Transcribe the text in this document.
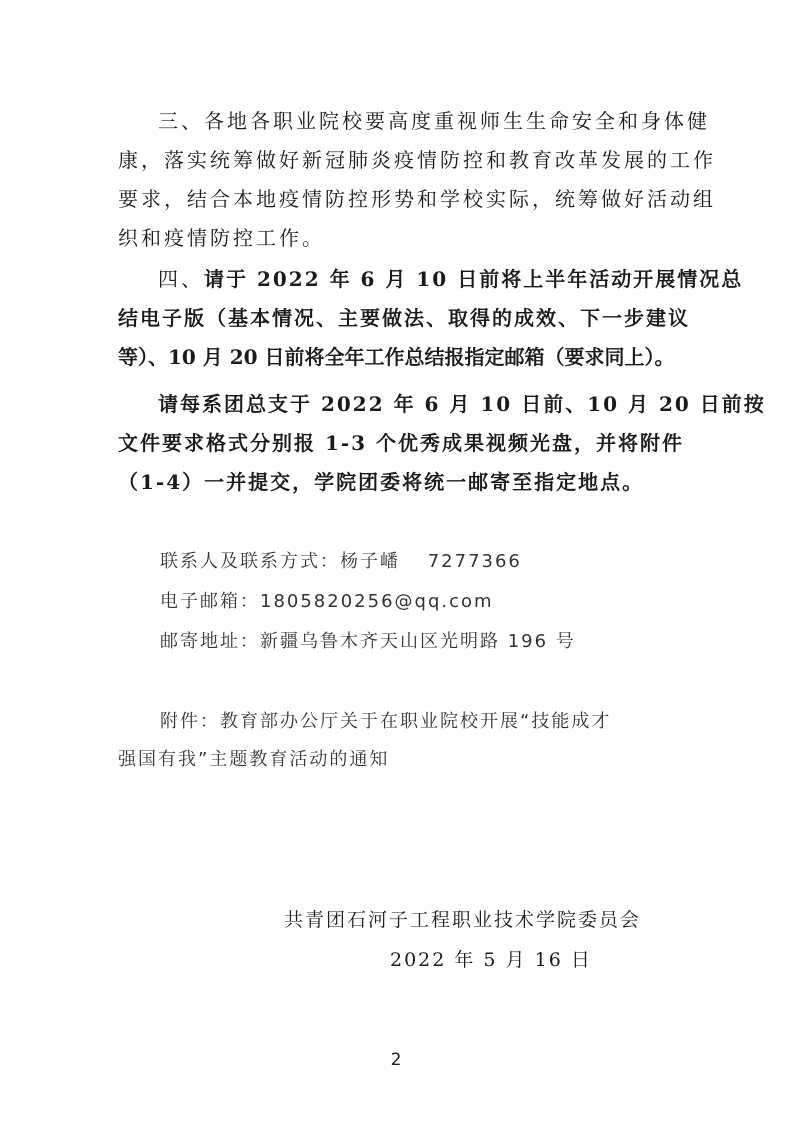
三、各地各职业院校要高度重视师生生命安全和身体健
康，落实统筹做好新冠肺炎疫情防控和教育改革发展的工作
要求，结合本地疫情防控形势和学校实际，统筹做好活动组
织和疫情防控工作。
四、请于 2022 年 6 月 10 日前将上半年活动开展情况总
结电子版（基本情况、主要做法、取得的成效、下一步建议
等）、10 月 20 日前将全年工作总结报指定邮箱（要求同上）。
请每系团总支于 2022 年 6 月 10 日前、10 月 20 日前按
文件要求格式分别报 1-3 个优秀成果视频光盘，并将附件
（1-4）一并提交，学院团委将统一邮寄至指定地点。
联系人及联系方式：杨子嶓　 7277366
电子邮箱：1805820256@qq.com
邮寄地址：新疆乌鲁木齐天山区光明路 196 号
附件：教育部办公厅关于在职业院校开展“技能成才
强国有我”主题教育活动的通知
共青团石河子工程职业技术学院委员会
2022 年 5 月 16 日
2
